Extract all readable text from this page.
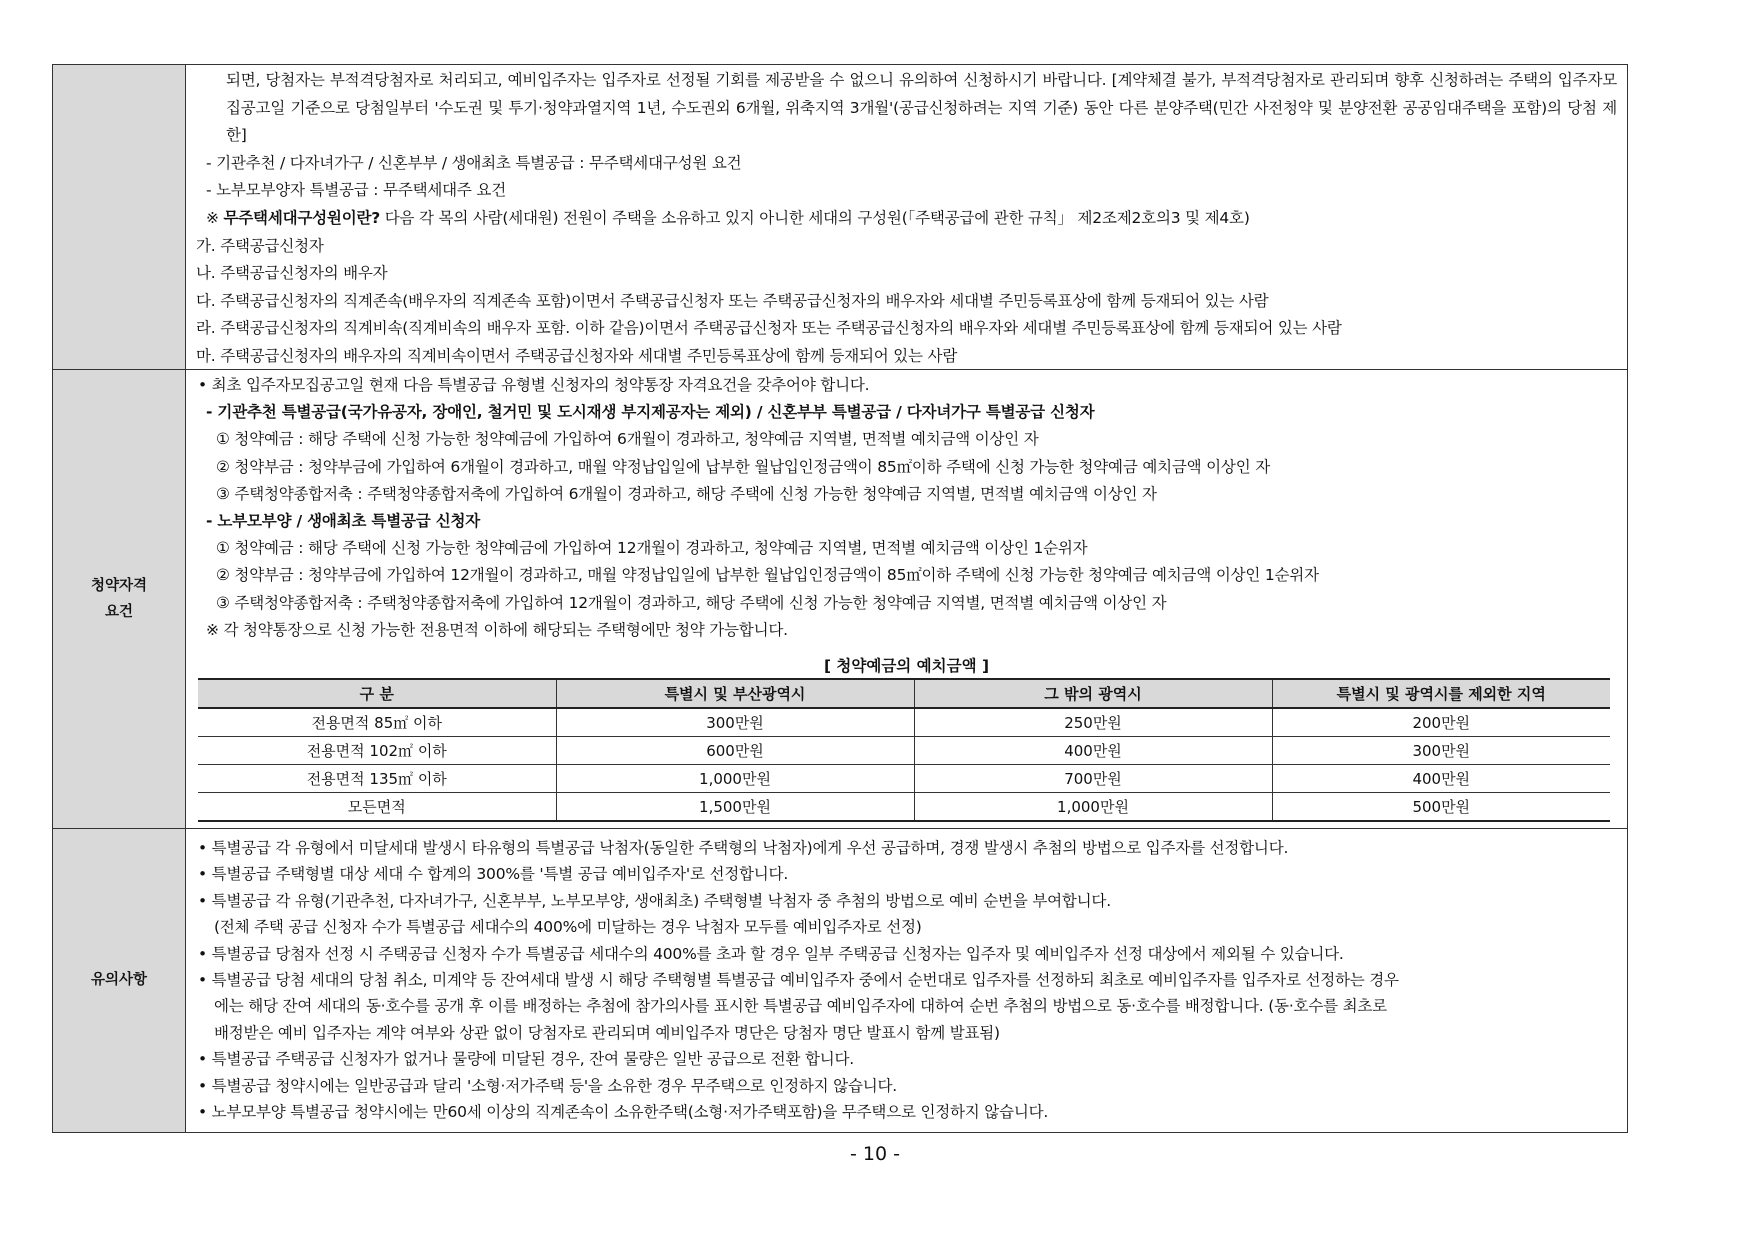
되면, 당첨자는 부적격당첨자로 처리되고, 예비입주자는 입주자로 선정될 기회를 제공받을 수 없으니 유의하여 신청하시기 바랍니다. [계약체결 불가, 부적격당첨자로 관리되며 향후 신청하려는 주택의 입주자모집공고일 기준으로 당첨일부터 '수도권 및 투기·청약과열지역 1년, 수도권외 6개월, 위축지역 3개월'(공급신청하려는 지역 기준) 동안 다른 분양주택(민간 사전청약 및 분양전환 공공임대주택을 포함)의 당첨 제한]
- 기관추천 / 다자녀가구 / 신혼부부 / 생애최초 특별공급 : 무주택세대구성원 요건
- 노부모부양자 특별공급 : 무주택세대주 요건
※ 무주택세대구성원이란? 다음 각 목의 사람(세대원) 전원이 주택을 소유하고 있지 아니한 세대의 구성원(「주택공급에 관한 규칙」 제2조제2호의3 및 제4호)
가. 주택공급신청자
나. 주택공급신청자의 배우자
다. 주택공급신청자의 직계존속(배우자의 직계존속 포함)이면서 주택공급신청자 또는 주택공급신청자의 배우자와 세대별 주민등록표상에 함께 등재되어 있는 사람
라. 주택공급신청자의 직계비속(직계비속의 배우자 포함. 이하 같음)이면서 주택공급신청자 또는 주택공급신청자의 배우자와 세대별 주민등록표상에 함께 등재되어 있는 사람
마. 주택공급신청자의 배우자의 직계비속이면서 주택공급신청자와 세대별 주민등록표상에 함께 등재되어 있는 사람

청약자격
요건

• 최초 입주자모집공고일 현재 다음 특별공급 유형별 신청자의 청약통장 자격요건을 갖추어야 합니다.
- 기관추천 특별공급(국가유공자, 장애인, 철거민 및 도시재생 부지제공자는 제외) / 신혼부부 특별공급 / 다자녀가구 특별공급 신청자
① 청약예금 : 해당 주택에 신청 가능한 청약예금에 가입하여 6개월이 경과하고, 청약예금 지역별, 면적별 예치금액 이상인 자
② 청약부금 : 청약부금에 가입하여 6개월이 경과하고, 매월 약정납입일에 납부한 월납입인정금액이 85㎡이하 주택에 신청 가능한 청약예금 예치금액 이상인 자
③ 주택청약종합저축 : 주택청약종합저축에 가입하여 6개월이 경과하고, 해당 주택에 신청 가능한 청약예금 지역별, 면적별 예치금액 이상인 자
- 노부모부양 / 생애최초 특별공급 신청자
① 청약예금 : 해당 주택에 신청 가능한 청약예금에 가입하여 12개월이 경과하고, 청약예금 지역별, 면적별 예치금액 이상인 1순위자
② 청약부금 : 청약부금에 가입하여 12개월이 경과하고, 매월 약정납입일에 납부한 월납입인정금액이 85㎡이하 주택에 신청 가능한 청약예금 예치금액 이상인 1순위자
③ 주택청약종합저축 : 주택청약종합저축에 가입하여 12개월이 경과하고, 해당 주택에 신청 가능한 청약예금 지역별, 면적별 예치금액 이상인 자
※ 각 청약통장으로 신청 가능한 전용면적 이하에 해당되는 주택형에만 청약 가능합니다.
[ 청약예금의 예치금액 ]
구 분	특별시 및 부산광역시	그 밖의 광역시	특별시 및 광역시를 제외한 지역
전용면적 85㎡ 이하	300만원	250만원	200만원
전용면적 102㎡ 이하	600만원	400만원	300만원
전용면적 135㎡ 이하	1,000만원	700만원	400만원
모든면적	1,500만원	1,000만원	500만원

유의사항

• 특별공급 각 유형에서 미달세대 발생시 타유형의 특별공급 낙첨자(동일한 주택형의 낙첨자)에게 우선 공급하며, 경쟁 발생시 추첨의 방법으로 입주자를 선정합니다.
• 특별공급 주택형별 대상 세대 수 합계의 300%를 '특별 공급 예비입주자'로 선정합니다.
• 특별공급 각 유형(기관추천, 다자녀가구, 신혼부부, 노부모부양, 생애최초) 주택형별 낙첨자 중 추첨의 방법으로 예비 순번을 부여합니다.
(전체 주택 공급 신청자 수가 특별공급 세대수의 400%에 미달하는 경우 낙첨자 모두를 예비입주자로 선정)
• 특별공급 당첨자 선정 시 주택공급 신청자 수가 특별공급 세대수의 400%를 초과 할 경우 일부 주택공급 신청자는 입주자 및 예비입주자 선정 대상에서 제외될 수 있습니다.
• 특별공급 당첨 세대의 당첨 취소, 미계약 등 잔여세대 발생 시 해당 주택형별 특별공급 예비입주자 중에서 순번대로 입주자를 선정하되 최초로 예비입주자를 입주자로 선정하는 경우
에는 해당 잔여 세대의 동·호수를 공개 후 이를 배정하는 추첨에 참가의사를 표시한 특별공급 예비입주자에 대하여 순번 추첨의 방법으로 동·호수를 배정합니다. (동·호수를 최초로
배정받은 예비 입주자는 계약 여부와 상관 없이 당첨자로 관리되며 예비입주자 명단은 당첨자 명단 발표시 함께 발표됨)
• 특별공급 주택공급 신청자가 없거나 물량에 미달된 경우, 잔여 물량은 일반 공급으로 전환 합니다.
• 특별공급 청약시에는 일반공급과 달리 '소형·저가주택 등'을 소유한 경우 무주택으로 인정하지 않습니다.
• 노부모부양 특별공급 청약시에는 만60세 이상의 직계존속이 소유한주택(소형·저가주택포함)을 무주택으로 인정하지 않습니다.
- 10 -
